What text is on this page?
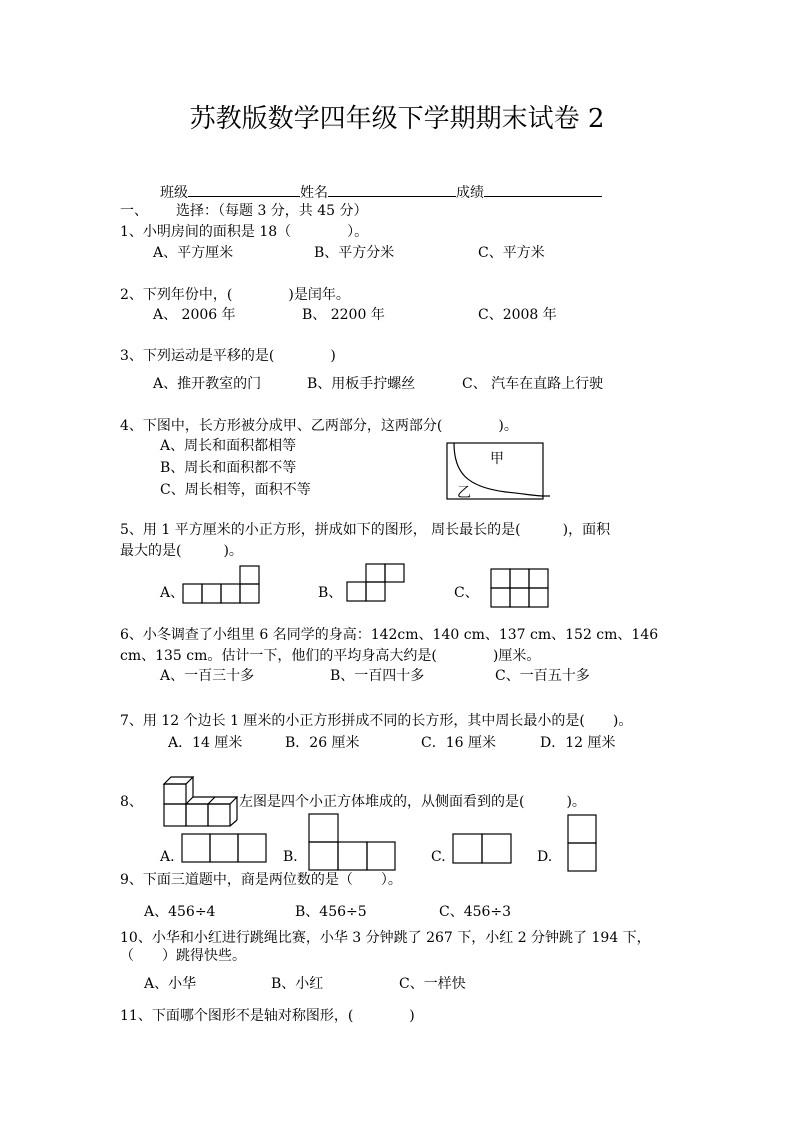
苏教版数学四年级下学期期末试卷 2
班级	姓名	成绩
一、 选择：（每题 3 分，共 45 分）
1、小明房间的面积是 18（　　　　）。
A、平方厘米	B、平方分米	C、平方米
2、下列年份中，(　　　　)是闰年。
A、 2006 年	B、 2200 年	C、2008 年
3、下列运动是平移的是(　　　　)
A、推开教室的门	B、用板手拧螺丝	C、 汽车在直路上行驶
4、下图中，长方形被分成甲、乙两部分，这两部分(　　　　)。
A、周长和面积都相等
B、周长和面积都不等
C、周长相等，面积不等
甲
乙
5、用 1 平方厘米的小正方形，拼成如下的图形， 周长最长的是(　　　)，面积
最大的是(　　　)。
A、	B、	C、
6、小冬调查了小组里 6 名同学的身高：142cm、140 cm、137 cm、152 cm、146
cm、135 cm。估计一下，他们的平均身高大约是(　　　　)厘米。
A、一百三十多	B、一百四十多	C、一百五十多
7、用 12 个边长 1 厘米的小正方形拼成不同的长方形，其中周长最小的是(　　)。
A．14 厘米	B．26 厘米	C．16 厘米	D．12 厘米
8、	左图是四个小正方体堆成的，从侧面看到的是(　　　)。
A.	B．	C.	D.
9、下面三道题中，商是两位数的是（　　）。
A、456÷4	B、456÷5	C、456÷3
10、小华和小红进行跳绳比赛，小华 3 分钟跳了 267 下，小红 2 分钟跳了 194 下，
（　　）跳得快些。
A、小华	B、小红	C、一样快
11、下面哪个图形不是轴对称图形，(　　　　)
